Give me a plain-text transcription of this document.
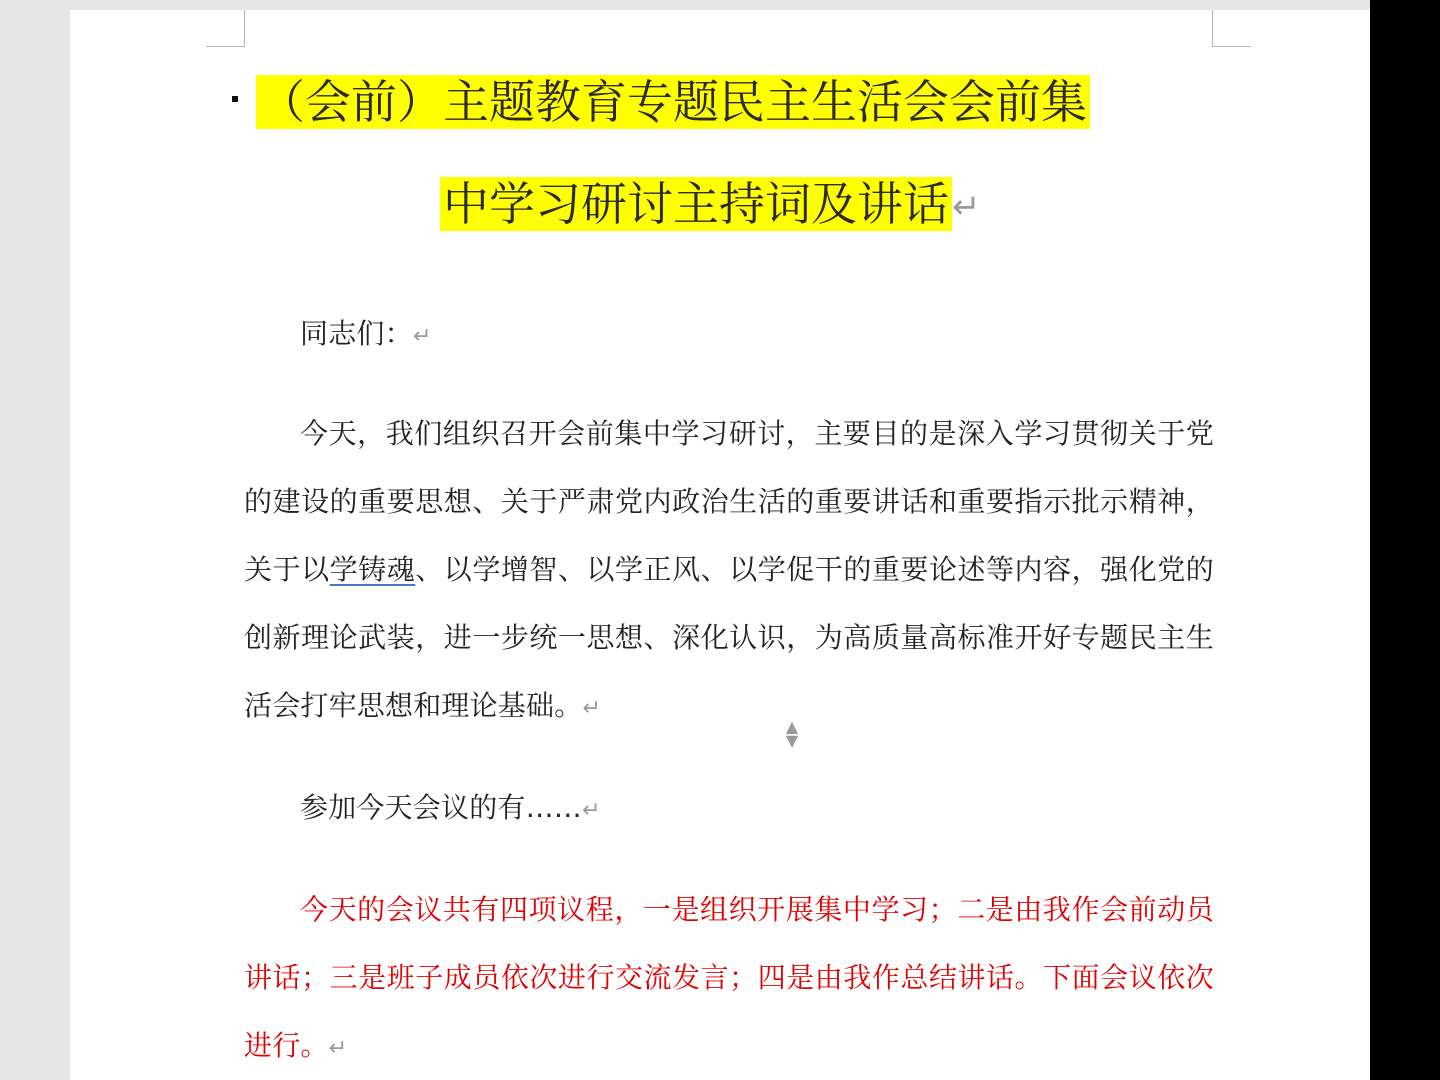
（会前）主题教育专题民主生活会会前集
中学习研讨主持词及讲话↵
同志们：↵
今天，我们组织召开会前集中学习研讨，主要目的是深入学习贯彻关于党的建设的重要思想、关于严肃党内政治生活的重要讲话和重要指示批示精神，关于以学铸魂、以学增智、以学正风、以学促干的重要论述等内容，强化党的创新理论武装，进一步统一思想、深化认识，为高质量高标准开好专题民主生活会打牢思想和理论基础。↵
▲
▼
参加今天会议的有……↵
今天的会议共有四项议程，一是组织开展集中学习；二是由我作会前动员讲话；三是班子成员依次进行交流发言；四是由我作总结讲话。下面会议依次进行。↵
